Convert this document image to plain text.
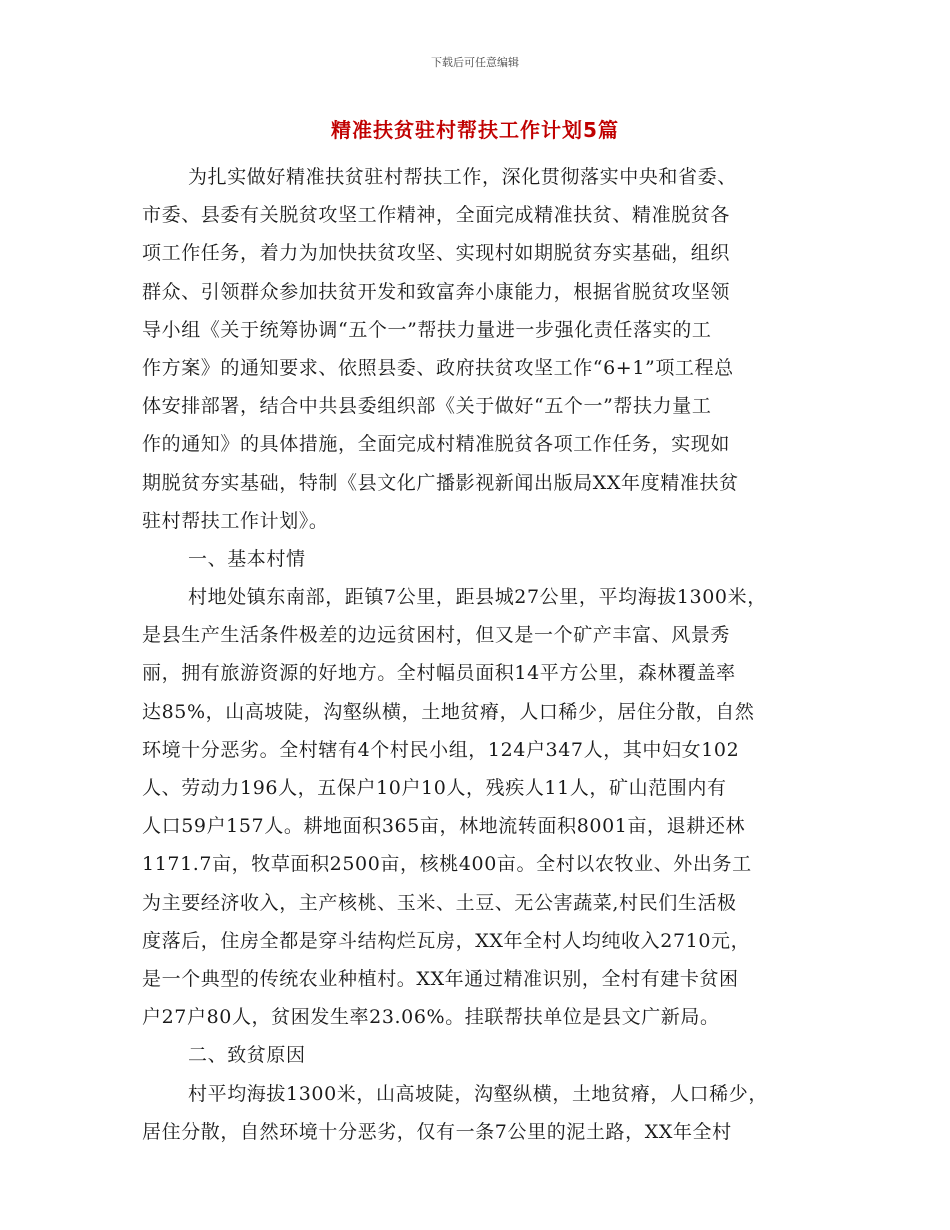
下载后可任意编辑
精准扶贫驻村帮扶工作计划5篇
为扎实做好精准扶贫驻村帮扶工作，深化贯彻落实中央和省委、
市委、县委有关脱贫攻坚工作精神，全面完成精准扶贫、精准脱贫各
项工作任务，着力为加快扶贫攻坚、实现村如期脱贫夯实基础，组织
群众、引领群众参加扶贫开发和致富奔小康能力，根据省脱贫攻坚领
导小组《关于统筹协调“五个一”帮扶力量进一步强化责任落实的工
作方案》的通知要求、依照县委、政府扶贫攻坚工作“6+1”项工程总
体安排部署，结合中共县委组织部《关于做好“五个一”帮扶力量工
作的通知》的具体措施，全面完成村精准脱贫各项工作任务，实现如
期脱贫夯实基础，特制《县文化广播影视新闻出版局XX年度精准扶贫
驻村帮扶工作计划》。
一、基本村情
村地处镇东南部，距镇7公里，距县城27公里，平均海拔1300米，
是县生产生活条件极差的边远贫困村，但又是一个矿产丰富、风景秀
丽，拥有旅游资源的好地方。全村幅员面积14平方公里，森林覆盖率
达85%，山高坡陡，沟壑纵横，土地贫瘠，人口稀少，居住分散，自然
环境十分恶劣。全村辖有4个村民小组，124户347人，其中妇女102
人、劳动力196人，五保户10户10人，残疾人11人，矿山范围内有
人口59户157人。耕地面积365亩，林地流转面积8001亩，退耕还林
1171.7亩，牧草面积2500亩，核桃400亩。全村以农牧业、外出务工
为主要经济收入，主产核桃、玉米、土豆、无公害蔬菜,村民们生活极
度落后，住房全都是穿斗结构烂瓦房，XX年全村人均纯收入2710元，
是一个典型的传统农业种植村。XX年通过精准识别，全村有建卡贫困
户27户80人，贫困发生率23.06%。挂联帮扶单位是县文广新局。
二、致贫原因
村平均海拔1300米，山高坡陡，沟壑纵横，土地贫瘠，人口稀少，
居住分散，自然环境十分恶劣，仅有一条7公里的泥土路，XX年全村
